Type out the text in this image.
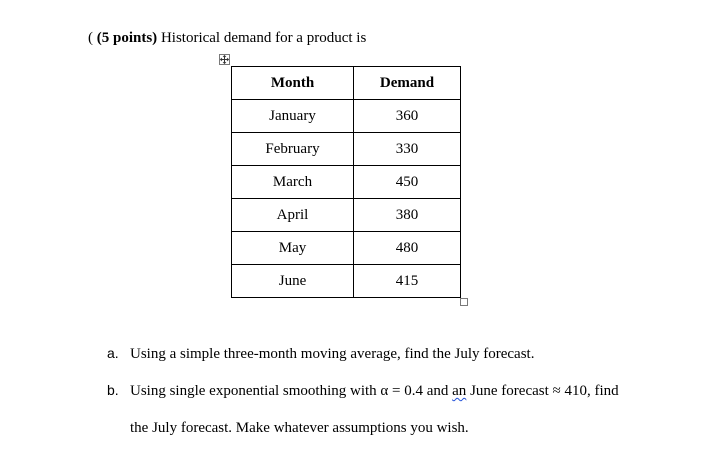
( (5 points) Historical demand for a product is
Month	Demand
January	360
February	330
March	450
April	380
May	480
June	415
a. Using a simple three-month moving average, find the July forecast.
b. Using single exponential smoothing with α = 0.4 and an June forecast ≈ 410, find
the July forecast. Make whatever assumptions you wish.
